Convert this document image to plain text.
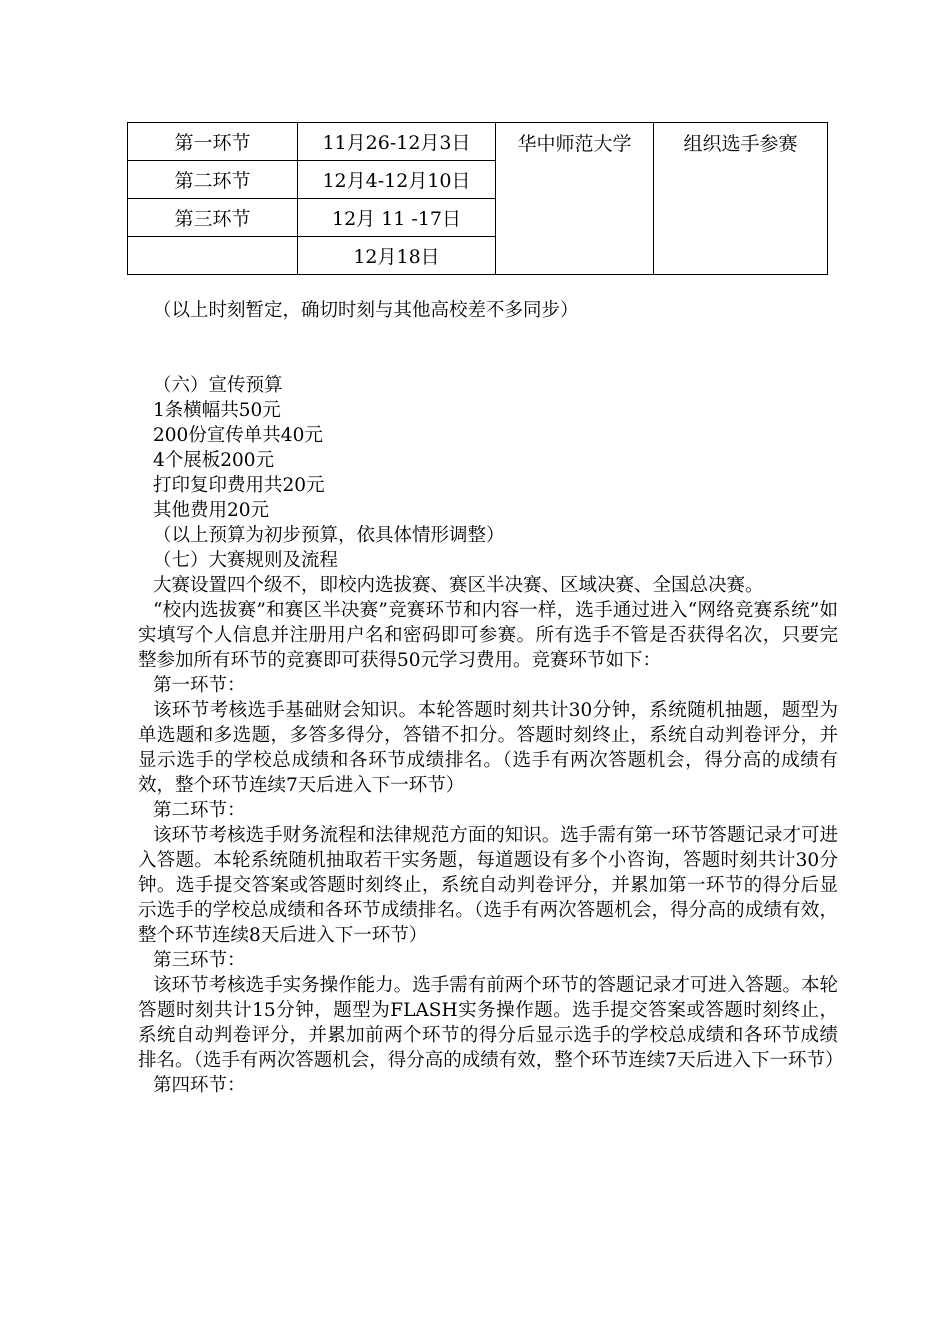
第一环节	11月26-12月3日	华中师范大学	组织选手参赛
第二环节	12月4-12月10日		
第三环节	12月 11 -17日		
	12月18日		
（以上时刻暂定，确切时刻与其他高校差不多同步）
（六）宣传预算
1条横幅共50元
200份宣传单共40元
4个展板200元
打印复印费用共20元
其他费用20元
（以上预算为初步预算，依具体情形调整）
（七）大赛规则及流程

大赛设置四个级不，即校内选拔赛、赛区半决赛、区域决赛、全国总决赛。

“校内选拔赛”和赛区半决赛”竞赛环节和内容一样，选手通过进入“网络竞赛系统”如实填写个人信息并注册用户名和密码即可参赛。所有选手不管是否获得名次，只要完整参加所有环节的竞赛即可获得50元学习费用。竞赛环节如下：

第一环节：

该环节考核选手基础财会知识。本轮答题时刻共计30分钟，系统随机抽题，题型为单选题和多选题，多答多得分，答错不扣分。答题时刻终止，系统自动判卷评分，并显示选手的学校总成绩和各环节成绩排名。（选手有两次答题机会，得分高的成绩有效，整个环节连续7天后进入下一环节）

第二环节：

该环节考核选手财务流程和法律规范方面的知识。选手需有第一环节答题记录才可进入答题。本轮系统随机抽取若干实务题，每道题设有多个小咨询，答题时刻共计30分钟。选手提交答案或答题时刻终止，系统自动判卷评分，并累加第一环节的得分后显示选手的学校总成绩和各环节成绩排名。（选手有两次答题机会，得分高的成绩有效，整个环节连续8天后进入下一环节）

第三环节：

该环节考核选手实务操作能力。选手需有前两个环节的答题记录才可进入答题。本轮答题时刻共计15分钟，题型为FLASH实务操作题。选手提交答案或答题时刻终止，系统自动判卷评分，并累加前两个环节的得分后显示选手的学校总成绩和各环节成绩排名。（选手有两次答题机会，得分高的成绩有效，整个环节连续7天后进入下一环节）

第四环节：
